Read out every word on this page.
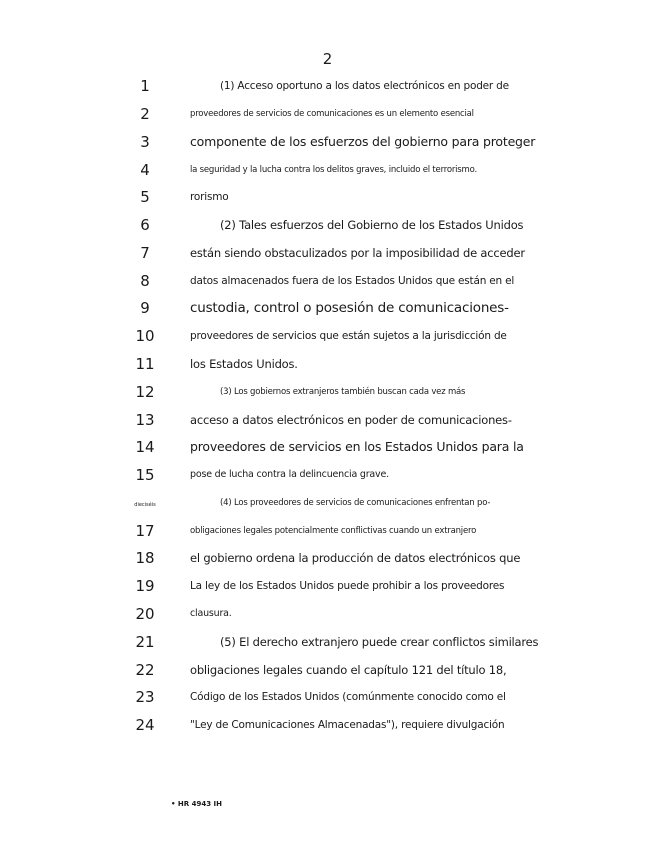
2
1
2
3
4
5
6
7
8
9
10
11
12
13
14
15
dieciséis
17
18
19
20
21
22
23
24
(1) Acceso oportuno a los datos electrónicos en poder de
proveedores de servicios de comunicaciones es un elemento esencial
componente de los esfuerzos del gobierno para proteger
la seguridad y la lucha contra los delitos graves, incluido el terrorismo.
rorismo
(2) Tales esfuerzos del Gobierno de los Estados Unidos
están siendo obstaculizados por la imposibilidad de acceder
datos almacenados fuera de los Estados Unidos que están en el
custodia, control o posesión de comunicaciones-
proveedores de servicios que están sujetos a la jurisdicción de
los Estados Unidos.
(3) Los gobiernos extranjeros también buscan cada vez más
acceso a datos electrónicos en poder de comunicaciones-
proveedores de servicios en los Estados Unidos para la
pose de lucha contra la delincuencia grave.
(4) Los proveedores de servicios de comunicaciones enfrentan po-
obligaciones legales potencialmente conflictivas cuando un extranjero
el gobierno ordena la producción de datos electrónicos que
La ley de los Estados Unidos puede prohibir a los proveedores
clausura.
(5) El derecho extranjero puede crear conflictos similares
obligaciones legales cuando el capítulo 121 del título 18,
Código de los Estados Unidos (comúnmente conocido como el
"Ley de Comunicaciones Almacenadas"), requiere divulgación
• HR 4943 IH
